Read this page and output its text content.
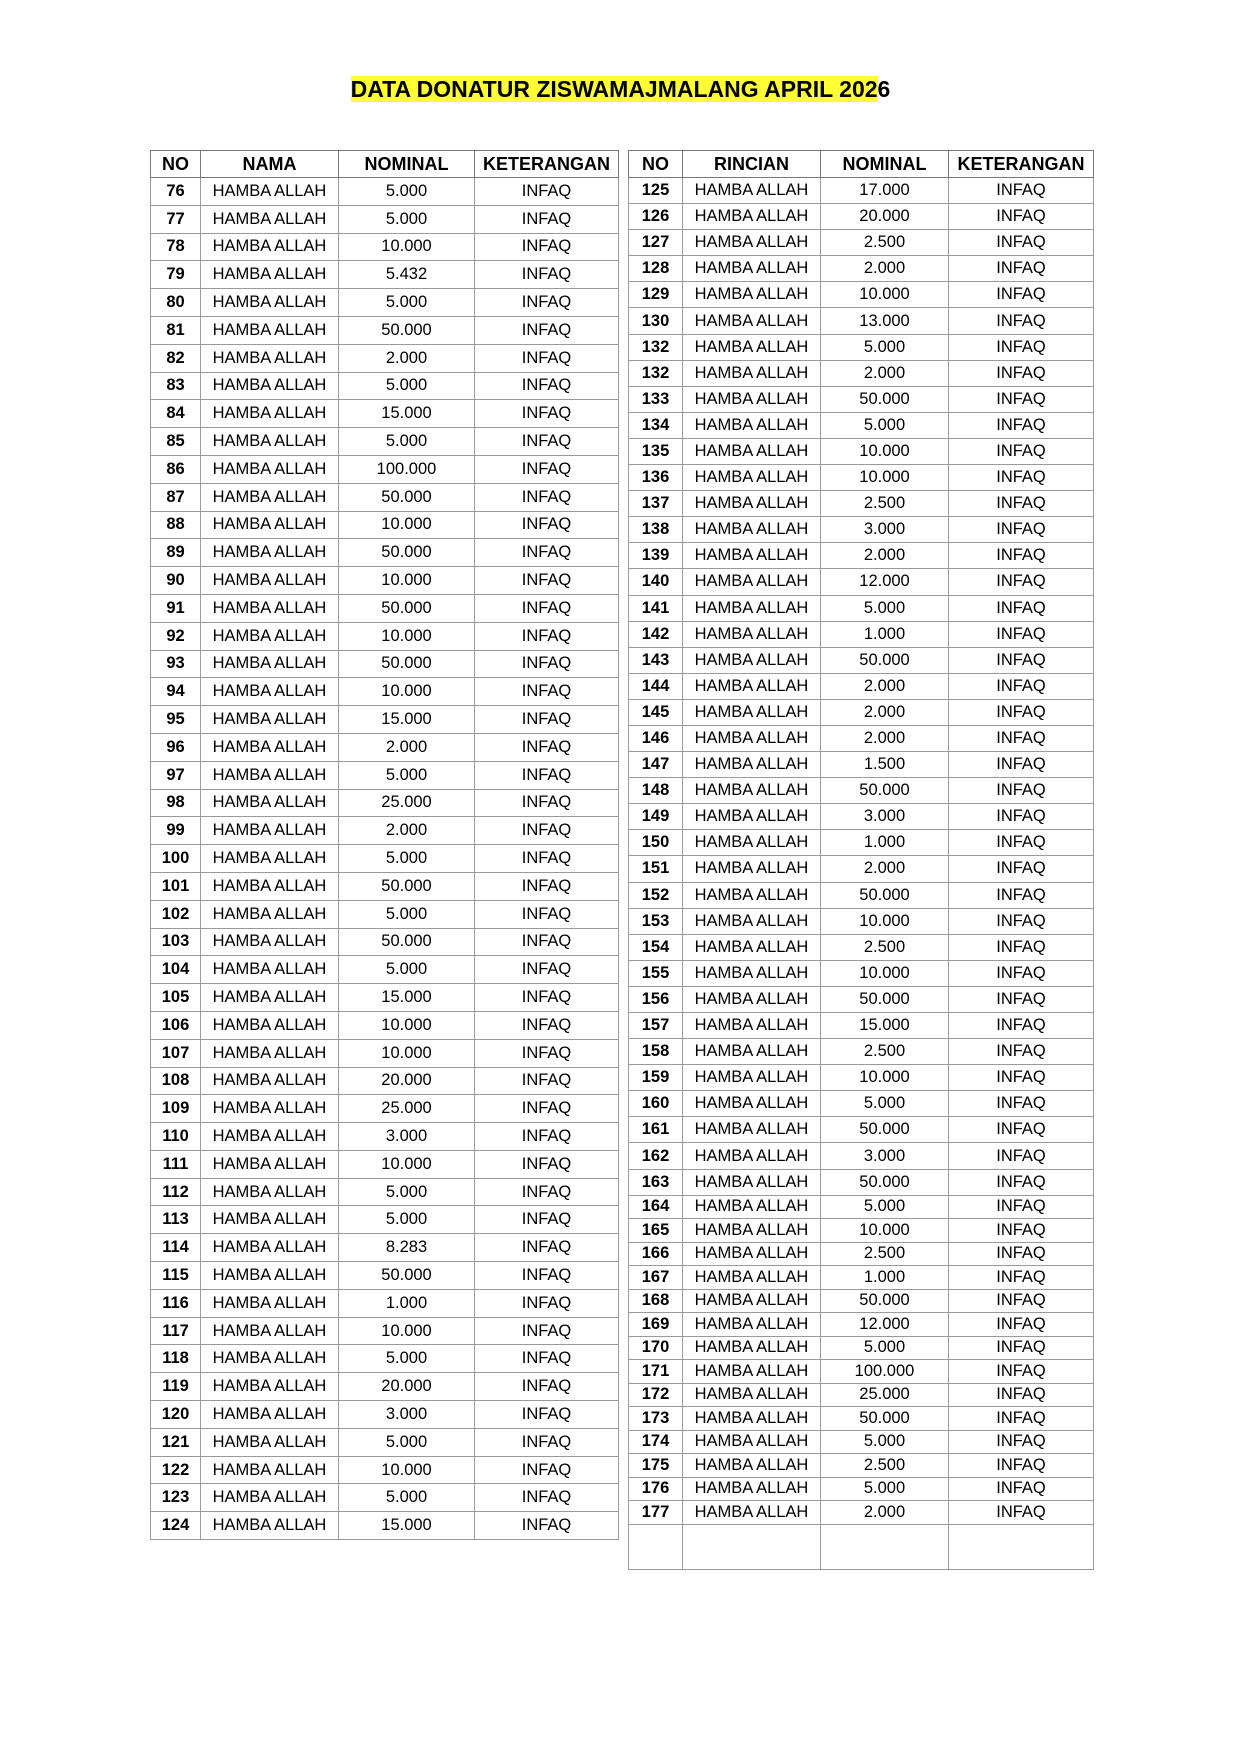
DATA DONATUR ZISWAMAJMALANG APRIL 2026
NO	NAMA	NOMINAL	KETERANGAN
76	HAMBA ALLAH	5.000	INFAQ
77	HAMBA ALLAH	5.000	INFAQ
78	HAMBA ALLAH	10.000	INFAQ
79	HAMBA ALLAH	5.432	INFAQ
80	HAMBA ALLAH	5.000	INFAQ
81	HAMBA ALLAH	50.000	INFAQ
82	HAMBA ALLAH	2.000	INFAQ
83	HAMBA ALLAH	5.000	INFAQ
84	HAMBA ALLAH	15.000	INFAQ
85	HAMBA ALLAH	5.000	INFAQ
86	HAMBA ALLAH	100.000	INFAQ
87	HAMBA ALLAH	50.000	INFAQ
88	HAMBA ALLAH	10.000	INFAQ
89	HAMBA ALLAH	50.000	INFAQ
90	HAMBA ALLAH	10.000	INFAQ
91	HAMBA ALLAH	50.000	INFAQ
92	HAMBA ALLAH	10.000	INFAQ
93	HAMBA ALLAH	50.000	INFAQ
94	HAMBA ALLAH	10.000	INFAQ
95	HAMBA ALLAH	15.000	INFAQ
96	HAMBA ALLAH	2.000	INFAQ
97	HAMBA ALLAH	5.000	INFAQ
98	HAMBA ALLAH	25.000	INFAQ
99	HAMBA ALLAH	2.000	INFAQ
100	HAMBA ALLAH	5.000	INFAQ
101	HAMBA ALLAH	50.000	INFAQ
102	HAMBA ALLAH	5.000	INFAQ
103	HAMBA ALLAH	50.000	INFAQ
104	HAMBA ALLAH	5.000	INFAQ
105	HAMBA ALLAH	15.000	INFAQ
106	HAMBA ALLAH	10.000	INFAQ
107	HAMBA ALLAH	10.000	INFAQ
108	HAMBA ALLAH	20.000	INFAQ
109	HAMBA ALLAH	25.000	INFAQ
110	HAMBA ALLAH	3.000	INFAQ
111	HAMBA ALLAH	10.000	INFAQ
112	HAMBA ALLAH	5.000	INFAQ
113	HAMBA ALLAH	5.000	INFAQ
114	HAMBA ALLAH	8.283	INFAQ
115	HAMBA ALLAH	50.000	INFAQ
116	HAMBA ALLAH	1.000	INFAQ
117	HAMBA ALLAH	10.000	INFAQ
118	HAMBA ALLAH	5.000	INFAQ
119	HAMBA ALLAH	20.000	INFAQ
120	HAMBA ALLAH	3.000	INFAQ
121	HAMBA ALLAH	5.000	INFAQ
122	HAMBA ALLAH	10.000	INFAQ
123	HAMBA ALLAH	5.000	INFAQ
124	HAMBA ALLAH	15.000	INFAQ
NO	RINCIAN	NOMINAL	KETERANGAN
125	HAMBA ALLAH	17.000	INFAQ
126	HAMBA ALLAH	20.000	INFAQ
127	HAMBA ALLAH	2.500	INFAQ
128	HAMBA ALLAH	2.000	INFAQ
129	HAMBA ALLAH	10.000	INFAQ
130	HAMBA ALLAH	13.000	INFAQ
132	HAMBA ALLAH	5.000	INFAQ
132	HAMBA ALLAH	2.000	INFAQ
133	HAMBA ALLAH	50.000	INFAQ
134	HAMBA ALLAH	5.000	INFAQ
135	HAMBA ALLAH	10.000	INFAQ
136	HAMBA ALLAH	10.000	INFAQ
137	HAMBA ALLAH	2.500	INFAQ
138	HAMBA ALLAH	3.000	INFAQ
139	HAMBA ALLAH	2.000	INFAQ
140	HAMBA ALLAH	12.000	INFAQ
141	HAMBA ALLAH	5.000	INFAQ
142	HAMBA ALLAH	1.000	INFAQ
143	HAMBA ALLAH	50.000	INFAQ
144	HAMBA ALLAH	2.000	INFAQ
145	HAMBA ALLAH	2.000	INFAQ
146	HAMBA ALLAH	2.000	INFAQ
147	HAMBA ALLAH	1.500	INFAQ
148	HAMBA ALLAH	50.000	INFAQ
149	HAMBA ALLAH	3.000	INFAQ
150	HAMBA ALLAH	1.000	INFAQ
151	HAMBA ALLAH	2.000	INFAQ
152	HAMBA ALLAH	50.000	INFAQ
153	HAMBA ALLAH	10.000	INFAQ
154	HAMBA ALLAH	2.500	INFAQ
155	HAMBA ALLAH	10.000	INFAQ
156	HAMBA ALLAH	50.000	INFAQ
157	HAMBA ALLAH	15.000	INFAQ
158	HAMBA ALLAH	2.500	INFAQ
159	HAMBA ALLAH	10.000	INFAQ
160	HAMBA ALLAH	5.000	INFAQ
161	HAMBA ALLAH	50.000	INFAQ
162	HAMBA ALLAH	3.000	INFAQ
163	HAMBA ALLAH	50.000	INFAQ
164	HAMBA ALLAH	5.000	INFAQ
165	HAMBA ALLAH	10.000	INFAQ
166	HAMBA ALLAH	2.500	INFAQ
167	HAMBA ALLAH	1.000	INFAQ
168	HAMBA ALLAH	50.000	INFAQ
169	HAMBA ALLAH	12.000	INFAQ
170	HAMBA ALLAH	5.000	INFAQ
171	HAMBA ALLAH	100.000	INFAQ
172	HAMBA ALLAH	25.000	INFAQ
173	HAMBA ALLAH	50.000	INFAQ
174	HAMBA ALLAH	5.000	INFAQ
175	HAMBA ALLAH	2.500	INFAQ
176	HAMBA ALLAH	5.000	INFAQ
177	HAMBA ALLAH	2.000	INFAQ
